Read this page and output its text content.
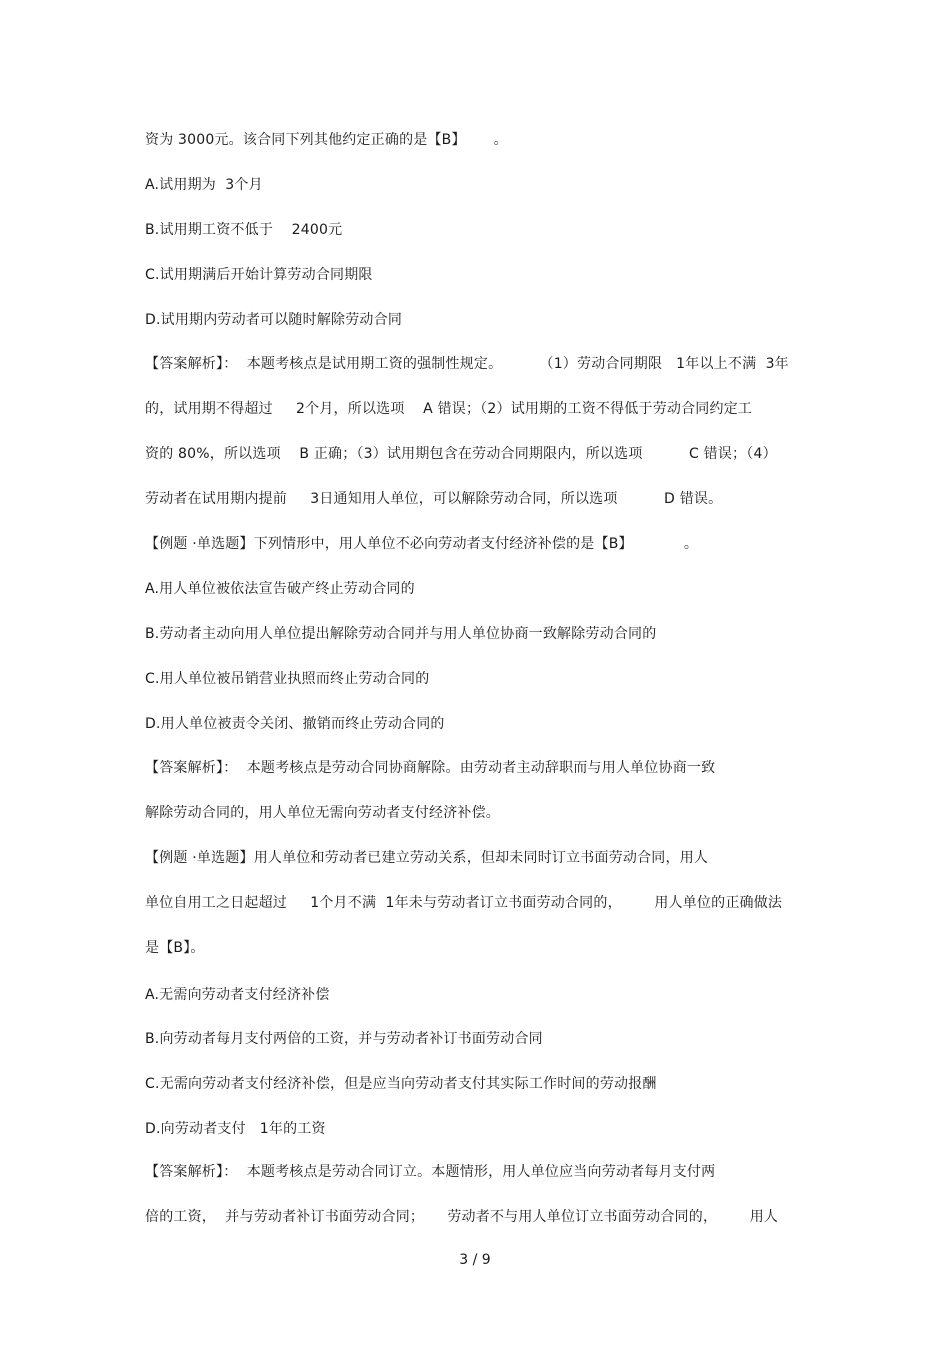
资为 3000元。该合同下列其他约定正确的是【B】      。
A.试用期为  3个月
B.试用期工资不低于    2400元
C.试用期满后开始计算劳动合同期限
D.试用期内劳动者可以随时解除劳动合同
【答案解析】：  本题考核点是试用期工资的强制性规定。        （1）劳动合同期限   1年以上不满  3年
的，试用期不得超过     2个月，所以选项    A 错误；（2）试用期的工资不得低于劳动合同约定工
资的 80%，所以选项    B 正确；（3）试用期包含在劳动合同期限内，所以选项          C 错误；（4）
劳动者在试用期内提前     3日通知用人单位，可以解除劳动合同，所以选项          D 错误。
【例题 ·单选题】下列情形中，用人单位不必向劳动者支付经济补偿的是【B】           。
A.用人单位被依法宣告破产终止劳动合同的
B.劳动者主动向用人单位提出解除劳动合同并与用人单位协商一致解除劳动合同的
C.用人单位被吊销营业执照而终止劳动合同的
D.用人单位被责令关闭、撤销而终止劳动合同的
【答案解析】：  本题考核点是劳动合同协商解除。由劳动者主动辞职而与用人单位协商一致
解除劳动合同的，用人单位无需向劳动者支付经济补偿。
【例题 ·单选题】用人单位和劳动者已建立劳动关系，但却未同时订立书面劳动合同，用人
单位自用工之日起超过     1个月不满  1年未与劳动者订立书面劳动合同的，       用人单位的正确做法
是【B】。
A.无需向劳动者支付经济补偿
B.向劳动者每月支付两倍的工资，并与劳动者补订书面劳动合同
C.无需向劳动者支付经济补偿，但是应当向劳动者支付其实际工作时间的劳动报酬
D.向劳动者支付   1年的工资
【答案解析】：  本题考核点是劳动合同订立。本题情形，用人单位应当向劳动者每月支付两
倍的工资，  并与劳动者补订书面劳动合同；     劳动者不与用人单位订立书面劳动合同的，       用人
3 / 9
